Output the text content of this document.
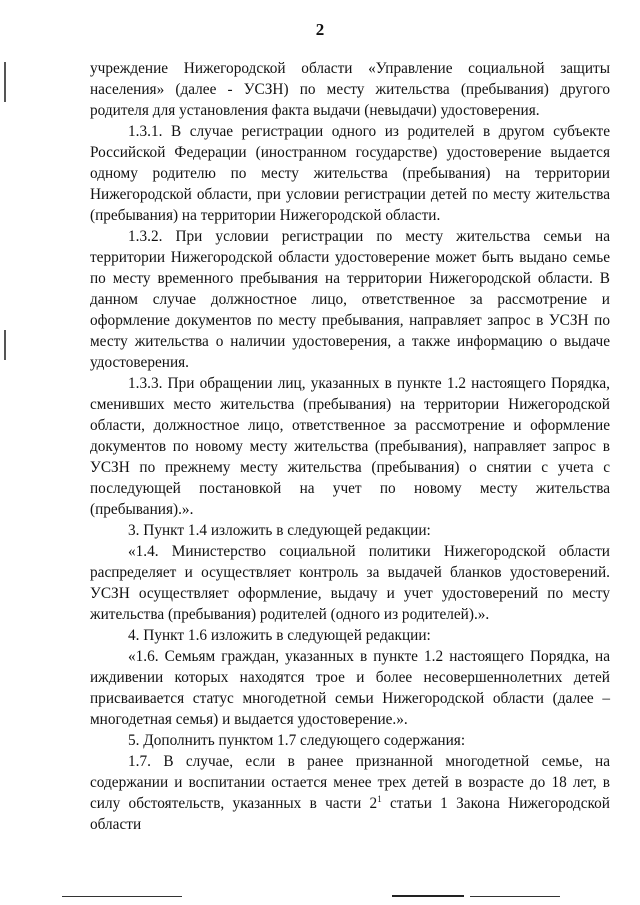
2

учреждение Нижегородской области «Управление социальной защиты населения» (далее - УСЗН) по месту жительства (пребывания) другого родителя для установления факта выдачи (невыдачи) удостоверения.

1.3.1. В случае регистрации одного из родителей в другом субъекте Российской Федерации (иностранном государстве) удостоверение выдается одному родителю по месту жительства (пребывания) на территории Нижегородской области, при условии регистрации детей по месту жительства (пребывания) на территории Нижегородской области.

1.3.2. При условии регистрации по месту жительства семьи на территории Нижегородской области удостоверение может быть выдано семье по месту временного пребывания на территории Нижегородской области. В данном случае должностное лицо, ответственное за рассмотрение и оформление документов по месту пребывания, направляет запрос в УСЗН по месту жительства о наличии удостоверения, а также информацию о выдаче удостоверения.

1.3.3. При обращении лиц, указанных в пункте 1.2 настоящего Порядка, сменивших место жительства (пребывания) на территории Нижегородской области, должностное лицо, ответственное за рассмотрение и оформление документов по новому месту жительства (пребывания), направляет запрос в УСЗН по прежнему месту жительства (пребывания) о снятии с учета с последующей постановкой на учет по новому месту жительства (пребывания).».

3. Пункт 1.4 изложить в следующей редакции:

«1.4. Министерство социальной политики Нижегородской области распределяет и осуществляет контроль за выдачей бланков удостоверений. УСЗН осуществляет оформление, выдачу и учет удостоверений по месту жительства (пребывания) родителей (одного из родителей).».

4. Пункт 1.6 изложить в следующей редакции:

«1.6. Семьям граждан, указанных в пункте 1.2 настоящего Порядка, на иждивении которых находятся трое и более несовершеннолетних детей присваивается статус многодетной семьи Нижегородской области (далее – многодетная семья) и выдается удостоверение.».

5. Дополнить пунктом 1.7 следующего содержания:

1.7. В случае, если в ранее признанной многодетной семье, на содержании и воспитании остается менее трех детей в возрасте до 18 лет, в силу обстоятельств, указанных в части $2^1$ статьи 1 Закона Нижегородской области
